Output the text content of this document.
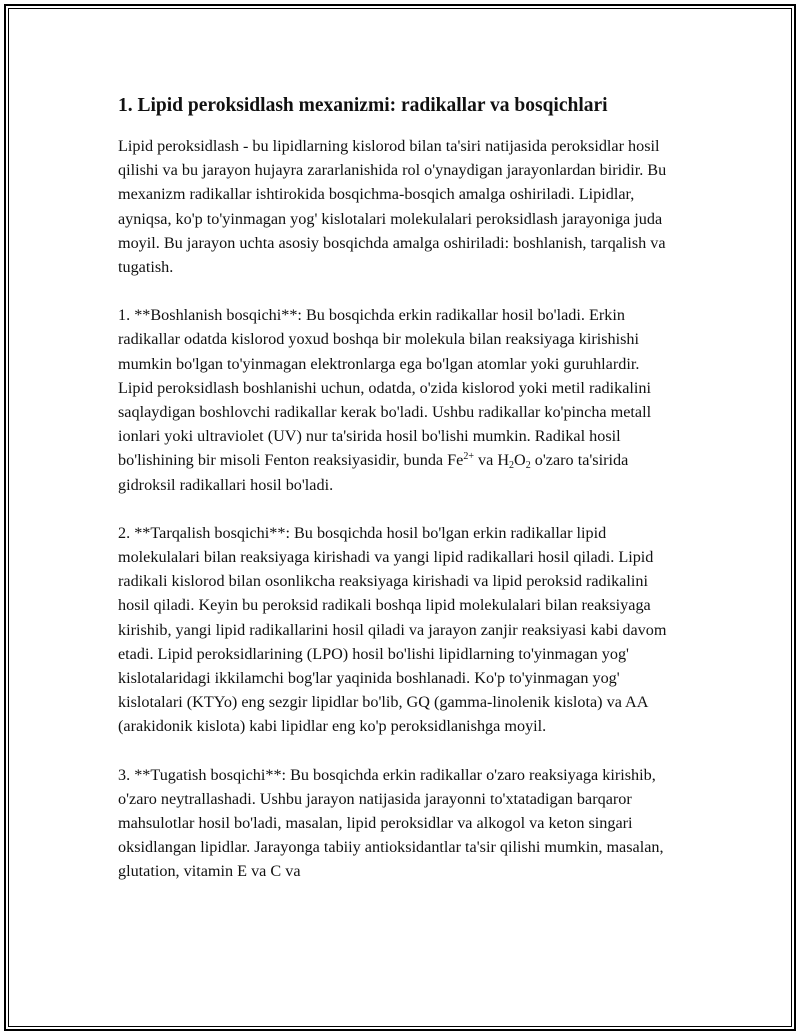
1. Lipid peroksidlash mexanizmi: radikallar va bosqichlari

Lipid peroksidlash - bu lipidlarning kislorod bilan ta'siri natijasida peroksidlar hosil qilishi va bu jarayon hujayra zararlanishida rol o'ynaydigan jarayonlardan biridir. Bu mexanizm radikallar ishtirokida bosqichma-bosqich amalga oshiriladi. Lipidlar, ayniqsa, ko'p to'yinmagan yog' kislotalari molekulalari peroksidlash jarayoniga juda moyil. Bu jarayon uchta asosiy bosqichda amalga oshiriladi: boshlanish, tarqalish va tugatish.

1. **Boshlanish bosqichi**: Bu bosqichda erkin radikallar hosil bo'ladi. Erkin radikallar odatda kislorod yoxud boshqa bir molekula bilan reaksiyaga kirishishi mumkin bo'lgan to'yinmagan elektronlarga ega bo'lgan atomlar yoki guruhlardir. Lipid peroksidlash boshlanishi uchun, odatda, o'zida kislorod yoki metil radikalini saqlaydigan boshlovchi radikallar kerak bo'ladi. Ushbu radikallar ko'pincha metall ionlari yoki ultraviolet (UV) nur ta'sirida hosil bo'lishi mumkin. Radikal hosil bo'lishining bir misoli Fenton reaksiyasidir, bunda $Fe^{2+}$ va $H_2O_2$ o'zaro ta'sirida gidroksil radikallari hosil bo'ladi.

2. **Tarqalish bosqichi**: Bu bosqichda hosil bo'lgan erkin radikallar lipid molekulalari bilan reaksiyaga kirishadi va yangi lipid radikallari hosil qiladi. Lipid radikali kislorod bilan osonlikcha reaksiyaga kirishadi va lipid peroksid radikalini hosil qiladi. Keyin bu peroksid radikali boshqa lipid molekulalari bilan reaksiyaga kirishib, yangi lipid radikallarini hosil qiladi va jarayon zanjir reaksiyasi kabi davom etadi. Lipid peroksidlarining (LPO) hosil bo'lishi lipidlarning to'yinmagan yog' kislotalaridagi ikkilamchi bog'lar yaqinida boshlanadi. Ko'p to'yinmagan yog' kislotalari (KTYo) eng sezgir lipidlar bo'lib, GQ (gamma-linolenik kislota) va AA (arakidonik kislota) kabi lipidlar eng ko'p peroksidlanishga moyil.

3. **Tugatish bosqichi**: Bu bosqichda erkin radikallar o'zaro reaksiyaga kirishib, o'zaro neytrallashadi. Ushbu jarayon natijasida jarayonni to'xtatadigan barqaror mahsulotlar hosil bo'ladi, masalan, lipid peroksidlar va alkogol va keton singari oksidlangan lipidlar. Jarayonga tabiiy antioksidantlar ta'sir qilishi mumkin, masalan, glutation, vitamin E va C va
